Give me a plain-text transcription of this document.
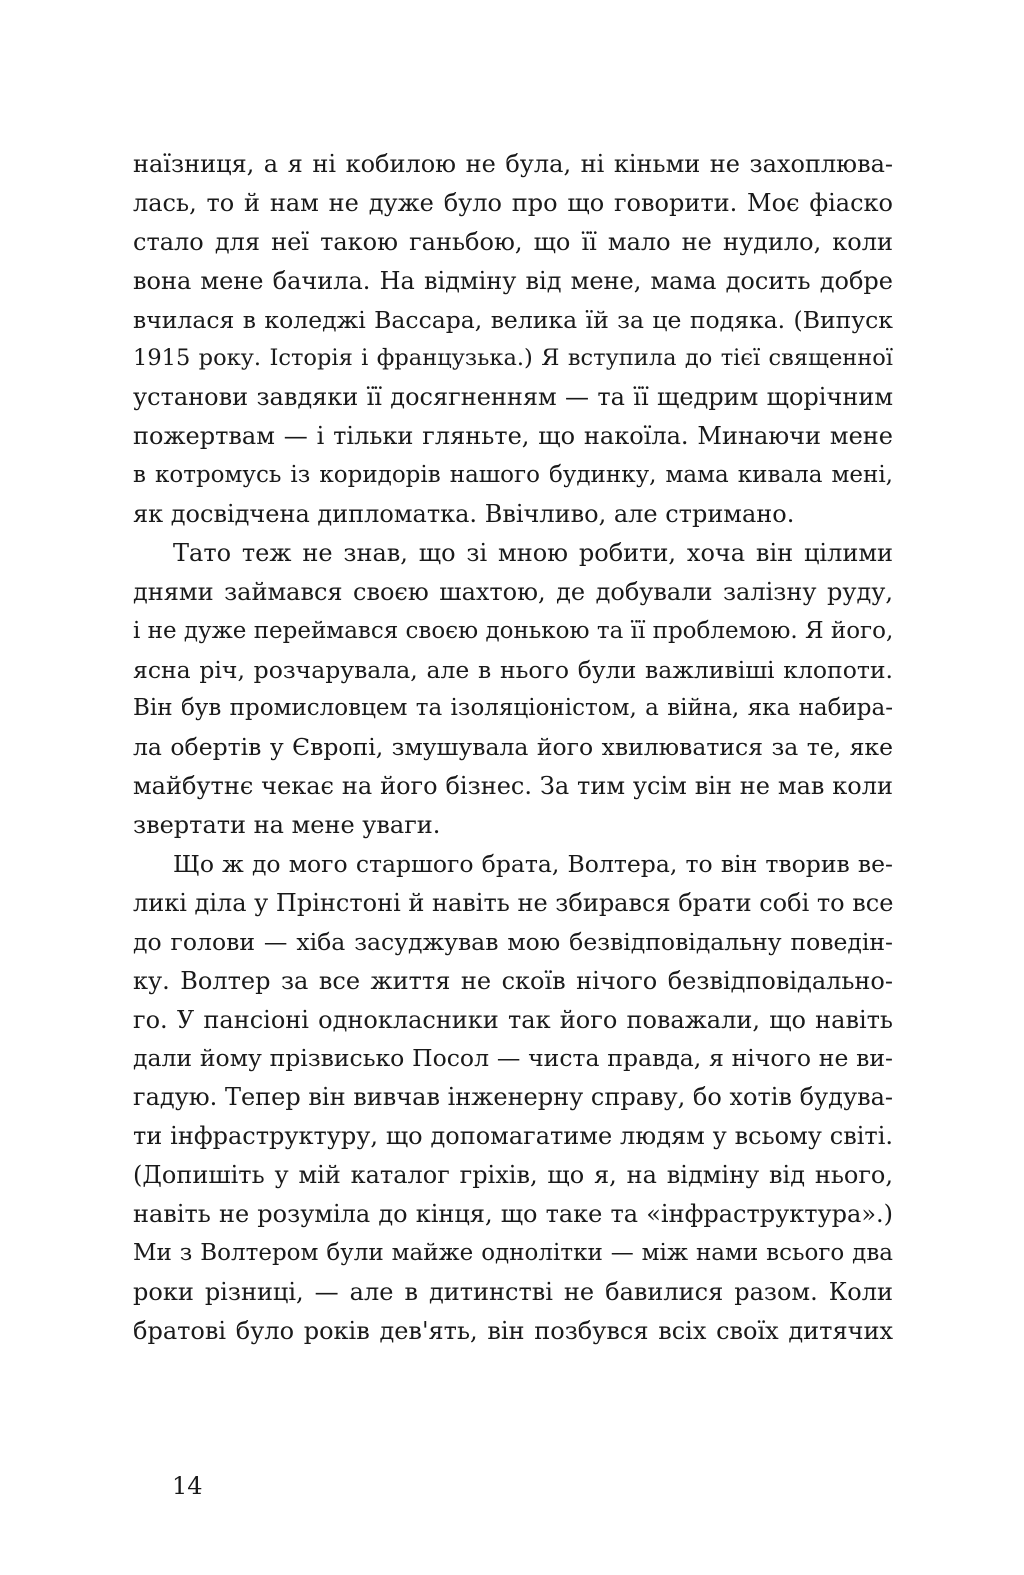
наїзниця, а я ні кобилою не була, ні кіньми не захоплюва-
лась, то й нам не дуже було про що говорити. Моє фіаско
стало для неї такою ганьбою, що її мало не нудило, коли
вона мене бачила. На відміну від мене, мама досить добре
вчилася в коледжі Вассара, велика їй за це подяка. (Випуск
1915 року. Історія і французька.) Я вступила до тієї священної
установи завдяки її досягненням — та її щедрим щорічним
пожертвам — і тільки гляньте, що накоїла. Минаючи мене
в котромусь із коридорів нашого будинку, мама кивала мені,
як досвідчена дипломатка. Ввічливо, але стримано.
Тато теж не знав, що зі мною робити, хоча він цілими
днями займався своєю шахтою, де добували залізну руду,
і не дуже переймався своєю донькою та її проблемою. Я його,
ясна річ, розчарувала, але в нього були важливіші клопоти.
Він був промисловцем та ізоляціоністом, а війна, яка набира-
ла обертів у Європі, змушувала його хвилюватися за те, яке
майбутнє чекає на його бізнес. За тим усім він не мав коли
звертати на мене уваги.
Що ж до мого старшого брата, Волтера, то він творив ве-
ликі діла у Прінстоні й навіть не збирався брати собі то все
до голови — хіба засуджував мою безвідповідальну поведін-
ку. Волтер за все життя не скоїв нічого безвідповідально-
го. У пансіоні однокласники так його поважали, що навіть
дали йому прізвисько Посол — чиста правда, я нічого не ви-
гадую. Тепер він вивчав інженерну справу, бо хотів будува-
ти інфраструктуру, що допомагатиме людям у всьому світі.
(Допишіть у мій каталог гріхів, що я, на відміну від нього,
навіть не розуміла до кінця, що таке та «інфраструктура».)
Ми з Волтером були майже однолітки — між нами всього два
роки різниці, — але в дитинстві не бавилися разом. Коли
братові було років дев'ять, він позбувся всіх своїх дитячих
14
